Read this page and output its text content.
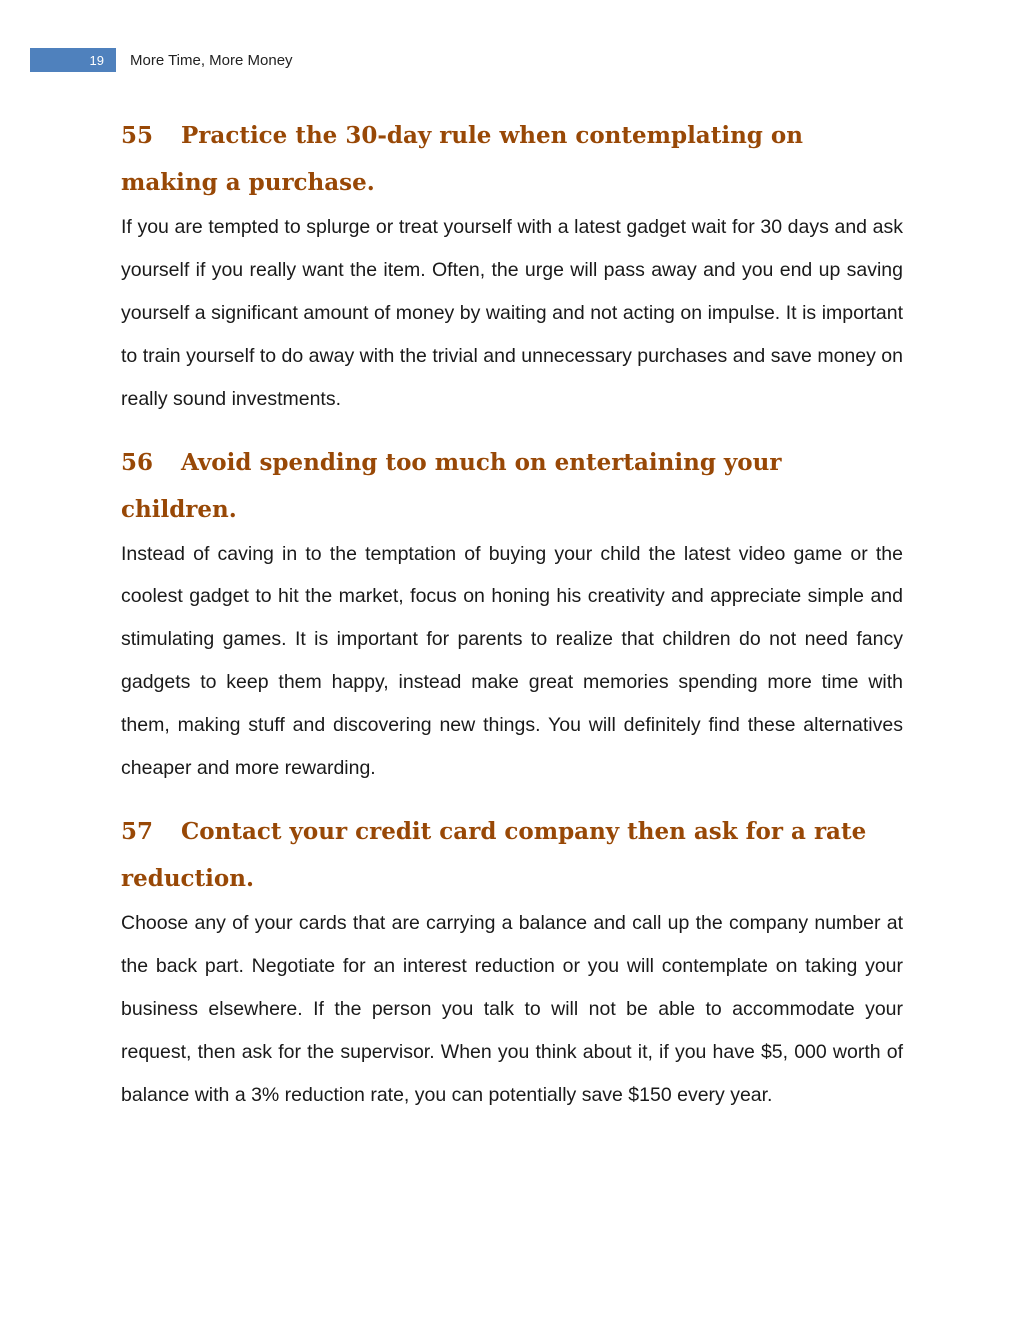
19	More Time, More Money
55 Practice the 30-day rule when contemplating on making a purchase.

If you are tempted to splurge or treat yourself with a latest gadget wait for 30 days and ask yourself if you really want the item. Often, the urge will pass away and you end up saving yourself a significant amount of money by waiting and not acting on impulse. It is important to train yourself to do away with the trivial and unnecessary purchases and save money on really sound investments.

56 Avoid spending too much on entertaining your children.

Instead of caving in to the temptation of buying your child the latest video game or the coolest gadget to hit the market, focus on honing his creativity and appreciate simple and stimulating games. It is important for parents to realize that children do not need fancy gadgets to keep them happy, instead make great memories spending more time with them, making stuff and discovering new things. You will definitely find these alternatives cheaper and more rewarding.

57 Contact your credit card company then ask for a rate reduction.

Choose any of your cards that are carrying a balance and call up the company number at the back part. Negotiate for an interest reduction or you will contemplate on taking your business elsewhere. If the person you talk to will not be able to accommodate your request, then ask for the supervisor. When you think about it, if you have $5, 000 worth of balance with a 3% reduction rate, you can potentially save $150 every year.
